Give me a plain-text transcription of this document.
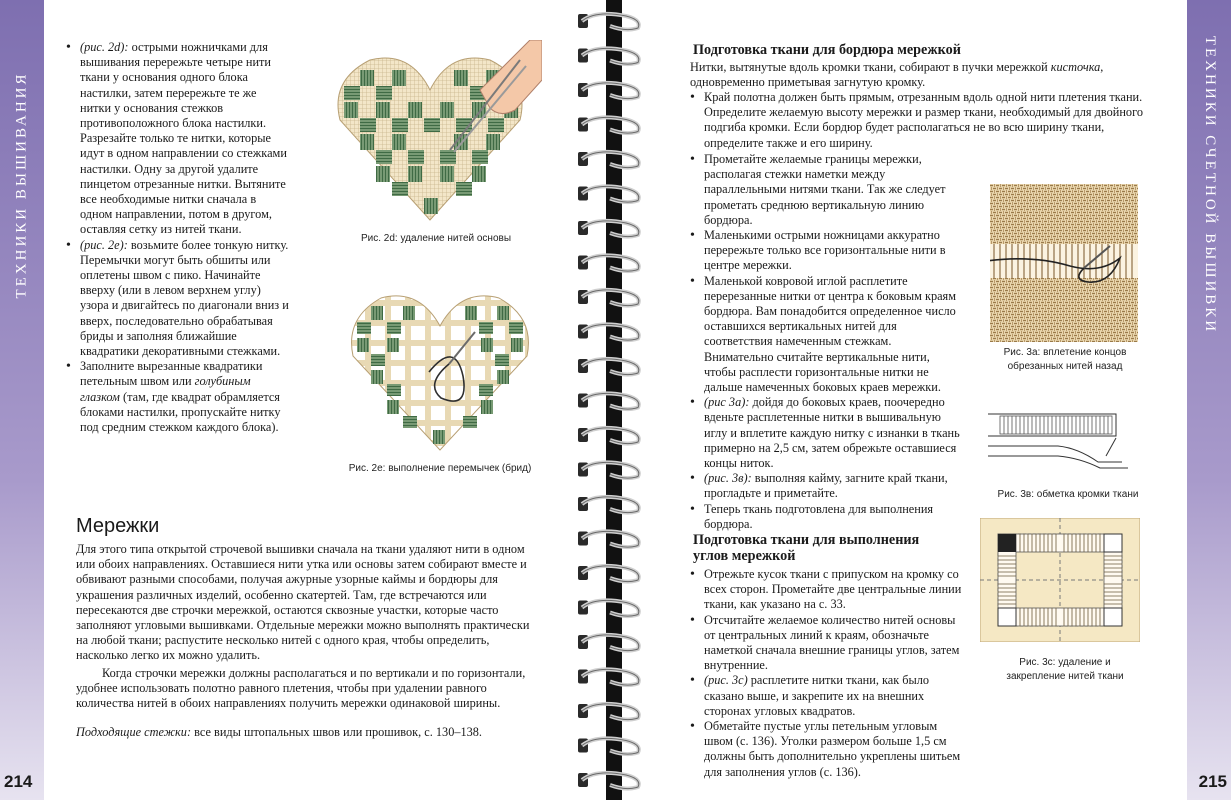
ТЕХНИКИ ВЫШИВАНИЯ
214
• (рис. 2d): острыми ножничками для вышивания перережьте четыре нити ткани у основания одного блока настилки, затем перережьте те же нитки у основания стежков противоположного блока настилки. Разрезайте только те нитки, которые идут в одном направлении со стежками настилки. Одну за другой удалите пинцетом отрезанные нитки. Вытяните все необходимые нитки сначала в одном направлении, потом в другом, оставляя сетку из нитей ткани.
• (рис. 2е): возьмите более тонкую нитку. Перемычки могут быть обшиты или оплетены швом с пико. Начинайте вверху (или в левом верхнем углу) узора и двигайтесь по диагонали вниз и вверх, последовательно обрабатывая бриды и заполняя ближайшие квадратики декоративными стежками.
• Заполните вырезанные квадратики петельным швом или голубиным глазком (там, где квадрат обрамляется блоками настилки, пропускайте нитку под средним стежком каждого блока).
Рис. 2d: удаление нитей основы
Рис. 2е: выполнение перемычек (брид)
Мережки

Для этого типа открытой строчевой вышивки сначала на ткани удаляют нити в одном или обоих направлениях. Оставшиеся нити утка или основы затем собирают вместе и обвивают разными способами, получая ажурные узорные каймы и бордюры для украшения различных изделий, особенно скатертей. Там, где встречаются или пересекаются две строчки мережкой, остаются сквозные участки, которые часто заполняют угловыми вышивками. Отдельные мережки можно выполнять практически на любой ткани; распустите несколько нитей с одного края, чтобы определить, насколько легко их можно удалить.

Когда строчки мережки должны располагаться и по вертикали и по горизонтали, удобнее использовать полотно равного плетения, чтобы при удалении равного количества нитей в обоих направлениях получить мережки одинаковой ширины.

Подходящие стежки: все виды штопальных швов или прошивок, с. 130–138.

ТЕХНИКИ СЧЕТНОЙ ВЫШИВКИ
215
Подготовка ткани для бордюра мережкой

Нитки, вытянутые вдоль кромки ткани, собирают в пучки мережкой кисточка, одновременно приметывая загнутую кромку.

• Край полотна должен быть прямым, отрезанным вдоль одной нити плетения ткани. Определите желаемую высоту мережки и размер ткани, необходимый для двойного подгиба кромки. Если бордюр будет располагаться не во всю ширину ткани, определите также и его ширину.
• Прометайте желаемые границы мережки, располагая стежки наметки между параллельными нитями ткани. Так же следует прометать среднюю вертикальную линию бордюра.
• Маленькими острыми ножницами аккуратно перережьте только все горизонтальные нити в центре мережки.
• Маленькой ковровой иглой расплетите перерезанные нитки от центра к боковым краям бордюра. Вам понадобится определенное число оставшихся вертикальных нитей для соответствия намеченным стежкам. Внимательно считайте вертикальные нити, чтобы расплести горизонтальные нитки не дальше намеченных боковых краев мережки.
• (рис 3а): дойдя до боковых краев, поочередно вденьте расплетенные нитки в вышивальную иглу и вплетите каждую нитку с изнанки в ткань примерно на 2,5 см, затем обрежьте оставшиеся концы ниток.
• (рис. 3в): выполняя кайму, загните край ткани, прогладьте и приметайте.
• Теперь ткань подготовлена для выполнения бордюра.
Рис. 3а: вплетение концов обрезанных нитей назад
Рис. 3в: обметка кромки ткани
Подготовка ткани для выполнения углов мережкой
• Отрежьте кусок ткани с припуском на кромку со всех сторон. Прометайте две центральные линии ткани, как указано на с. 33.
• Отсчитайте желаемое количество нитей основы от центральных линий к краям, обозначьте наметкой сначала внешние границы углов, затем внутренние.
• (рис. 3с) расплетите нитки ткани, как было сказано выше, и закрепите их на внешних сторонах угловых квадратов.
• Обметайте пустые углы петельным угловым швом (с. 136). Уголки размером больше 1,5 см должны быть дополнительно укреплены шитьем для заполнения углов (с. 136).
Рис. 3с: удаление и закрепление нитей ткани
